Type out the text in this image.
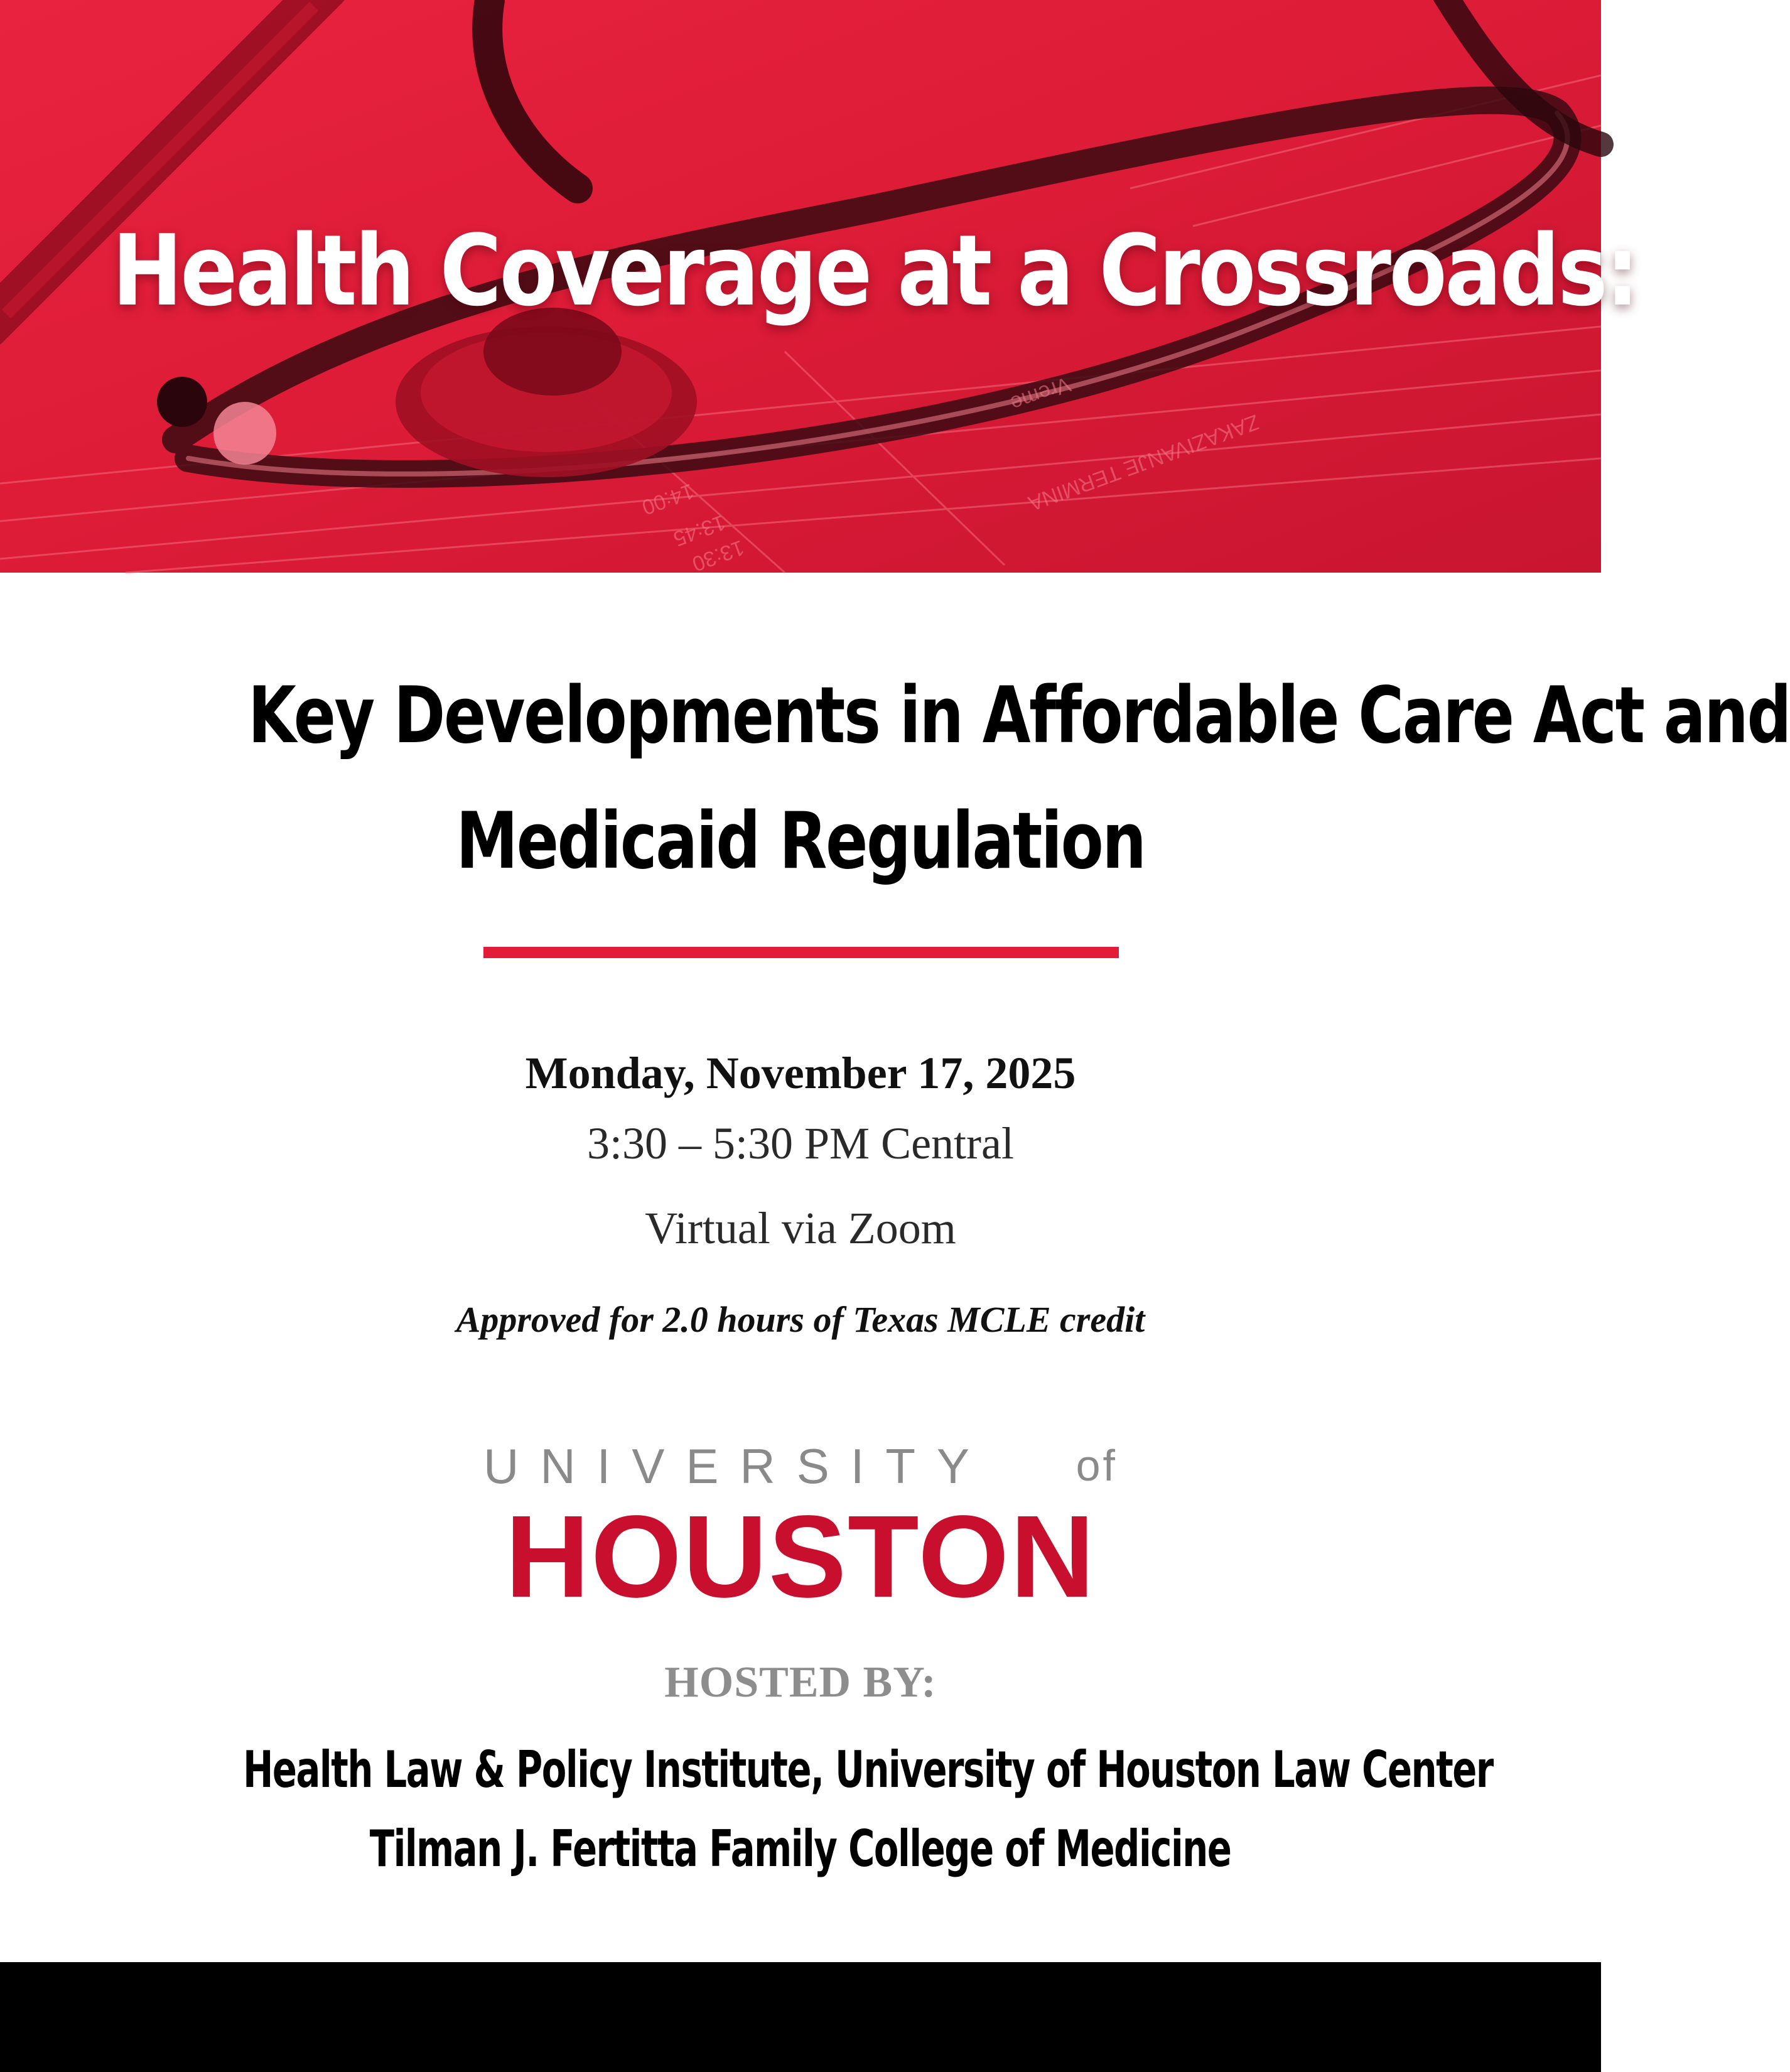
14:00
13:45
13:30
ZAKAZIVANJE TERMINA
Vreme
Health Coverage at a Crossroads:
Key Developments in Affordable Care Act and
Medicaid Regulation
Monday, November 17, 2025
3:30 – 5:30 PM Central
Virtual via Zoom
Approved for 2.0 hours of Texas MCLE credit
UNIVERSITY of
HOUSTON
HOSTED BY:
Health Law & Policy Institute, University of Houston Law Center
Tilman J. Fertitta Family College of Medicine
